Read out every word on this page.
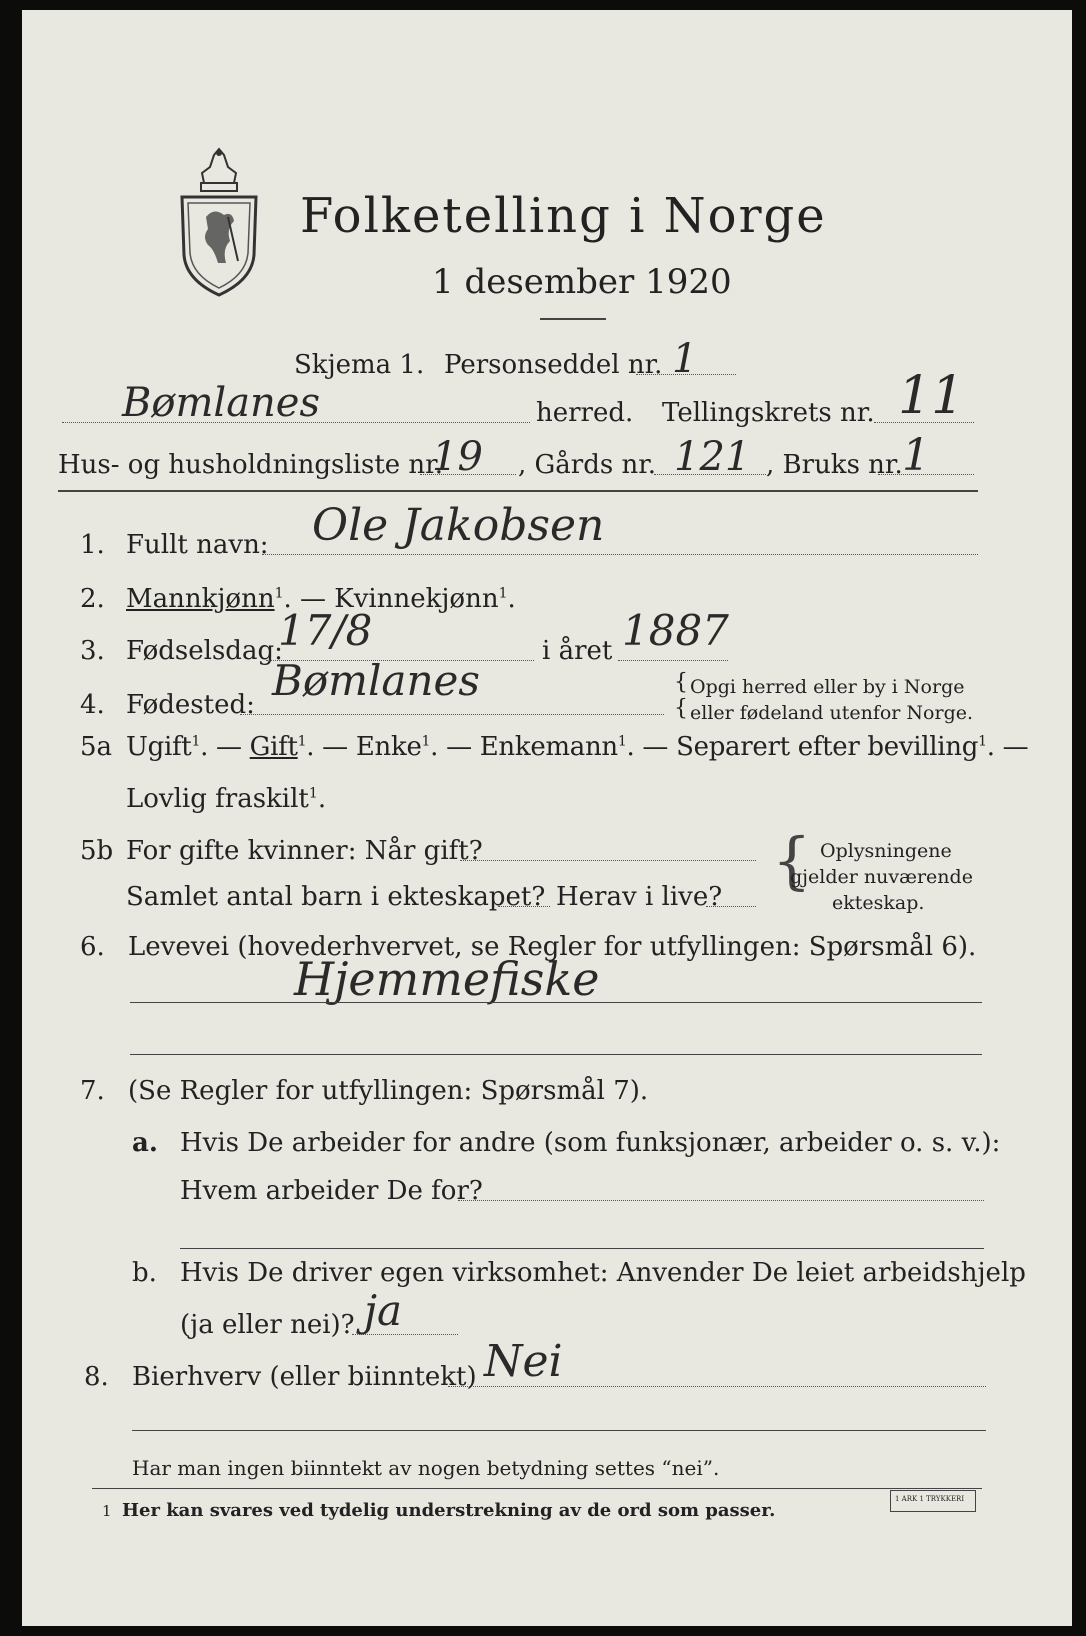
Folketelling i Norge
1 desember 1920
Skjema 1. Personseddel nr. 1
Bømlanes	herred. Tellingskrets nr. 11
Hus- og husholdningsliste nr.
19 , Gårds nr. 121 , Bruks nr. 1
1. Fullt navn: Ole Jakobsen
2. Mannkjønn$^1$. — Kvinnekjønn$^1$.
3. Fødselsdag:
17/8	i året 1887
4. Fødested: Bømlanes	{
{
Opgi herred eller by i Norge
eller fødeland utenfor Norge.
5a Ugift$^1$. — Gift$^1$. — Enke$^1$. — Enkemann$^1$. — Separert efter bevilling$^1$. —
Lovlig fraskilt$^1$.
5b For gifte kvinner: Når gift?
Samlet antal barn i ekteskapet? Herav i live? { Oplysningene
gjelder nuværende
ekteskap.
6. Levevei (hovederhvervet, se Regler for utfyllingen: Spørsmål 6).
Hjemmefiske
7. (Se Regler for utfyllingen: Spørsmål 7).
a. Hvis De arbeider for andre (som funksjonær, arbeider o. s. v.):
Hvem arbeider De for?
b. Hvis De driver egen virksomhet: Anvender De leiet arbeidshjelp
(ja eller nei)? ja
8. Bierhverv (eller biinntekt) Nei
Har man ingen biinntekt av nogen betydning settes “nei”.
1 Her kan svares ved tydelig understrekning av de ord som passer.
1 ARK 1 TRYKKERI
